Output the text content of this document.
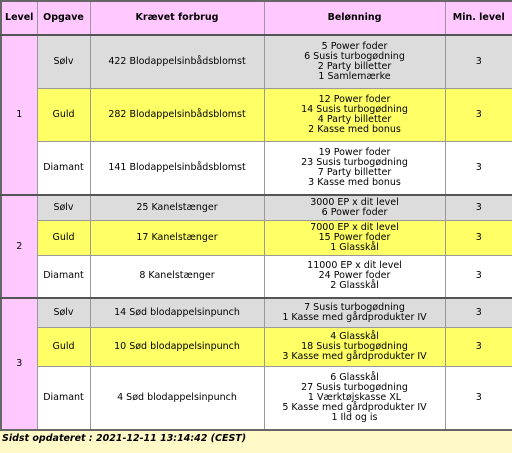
Level	Opgave	Krævet forbrug	Belønning	Min. level
1	Sølv	422 Blodappelsinbådsblomst	5 Power foder
6 Susis turbogødning
2 Party billetter
1 Samlemærke	3
	Guld	282 Blodappelsinbådsblomst	12 Power foder
14 Susis turbogødning
4 Party billetter
2 Kasse med bonus	3
	Diamant	141 Blodappelsinbådsblomst	19 Power foder
23 Susis turbogødning
7 Party billetter
3 Kasse med bonus	3
2	Sølv	25 Kanelstænger	3000 EP x dit level
6 Power foder	3
	Guld	17 Kanelstænger	7000 EP x dit level
15 Power foder
1 Glasskål	3
	Diamant	8 Kanelstænger	11000 EP x dit level
24 Power foder
2 Glasskål	3
3	Sølv	14 Sød blodappelsinpunch	7 Susis turbogødning
1 Kasse med gårdprodukter IV	3
	Guld	10 Sød blodappelsinpunch	4 Glasskål
18 Susis turbogødning
3 Kasse med gårdprodukter IV	3
	Diamant	4 Sød blodappelsinpunch	6 Glasskål
27 Susis turbogødning
1 Værktøjskasse XL
5 Kasse med gårdprodukter IV
1 Ild og is	3
Sidst opdateret : 2021-12-11 13:14:42 (CEST)
